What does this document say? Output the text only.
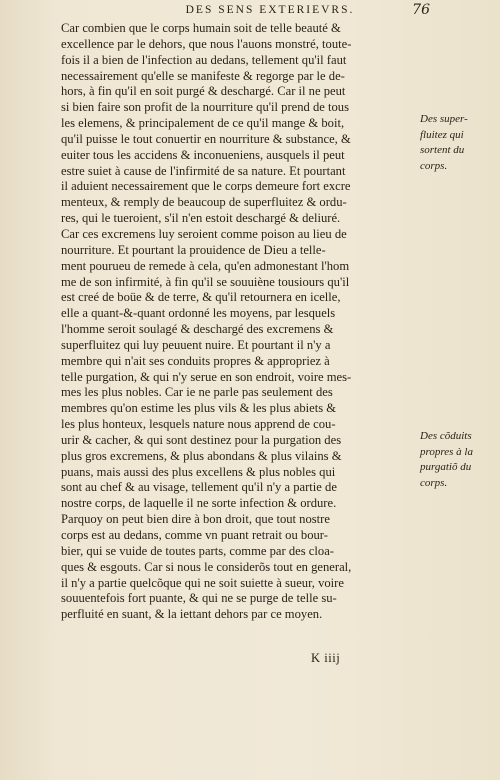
DES SENS EXTERIEVRS.	76
Car combien que le corps humain soit de telle beauté &
excellence par le dehors, que nous l'auons monstré, toute-
fois il a bien de l'infection au dedans, tellement qu'il faut
necessairement qu'elle se manifeste & regorge par le de-
hors, à fin qu'il en soit purgé & deschargé. Car il ne peut
si bien faire son profit de la nourriture qu'il prend de tous
les elemens, & principalement de ce qu'il mange & boit,
qu'il puisse le tout conuertir en nourriture & substance, &
euiter tous les accidens & inconueniens, ausquels il peut
estre suiet à cause de l'infirmité de sa nature. Et pourtant
il aduient necessairement que le corps demeure fort excre
menteux, & remply de beaucoup de superfluitez & ordu-
res, qui le tueroient, s'il n'en estoit deschargé & deliuré.
Car ces excremens luy seroient comme poison au lieu de
nourriture. Et pourtant la prouidence de Dieu a telle-
ment pourueu de remede à cela, qu'en admonestant l'hom
me de son infirmité, à fin qu'il se souuiène tousiours qu'il
est creé de boüe & de terre, & qu'il retournera en icelle,
elle a quant-&-quant ordonné les moyens, par lesquels
l'homme seroit soulagé & deschargé des excremens &
superfluitez qui luy peuuent nuire. Et pourtant il n'y a
membre qui n'ait ses conduits propres & appropriez à
telle purgation, & qui n'y serue en son endroit, voire mes-
mes les plus nobles. Car ie ne parle pas seulement des
membres qu'on estime les plus vils & les plus abiets &
les plus honteux, lesquels nature nous apprend de cou-
urir & cacher, & qui sont destinez pour la purgation des
plus gros excremens, & plus abondans & plus vilains &
puans, mais aussi des plus excellens & plus nobles qui
sont au chef & au visage, tellement qu'il n'y a partie de
nostre corps, de laquelle il ne sorte infection & ordure.
Parquoy on peut bien dire à bon droit, que tout nostre
corps est au dedans, comme vn puant retrait ou bour-
bier, qui se vuide de toutes parts, comme par des cloa-
ques & esgouts. Car si nous le considerõs tout en general,
il n'y a partie quelcõque qui ne soit suiette à sueur, voire
souuentefois fort puante, & qui ne se purge de telle su-
perfluité en suant, & la iettant dehors par ce moyen.
Des super-
fluitez qui
sortent du
corps.
Des cõduits
propres à la
purgatiõ du
corps.
K iiij
